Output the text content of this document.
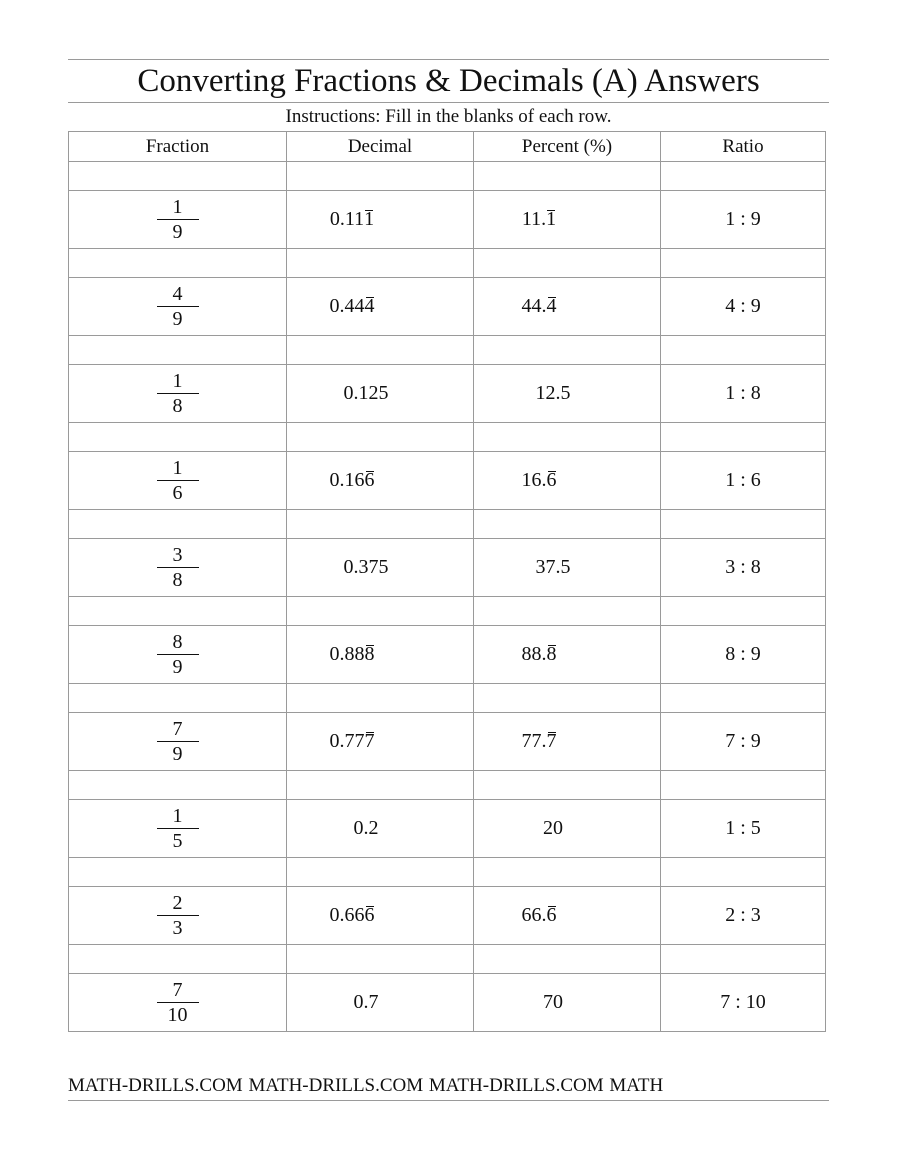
Converting Fractions & Decimals (A) Answers
Instructions: Fill in the blanks of each row.
Fraction	Decimal	Percent (%)	Ratio

$\frac{1}{9}$	0.111	11.1	1 : 9

$\frac{4}{9}$	0.444	44.4	4 : 9

$\frac{1}{8}$	0.125	12.5	1 : 8

$\frac{1}{6}$	0.166	16.6	1 : 6

$\frac{3}{8}$	0.375	37.5	3 : 8

$\frac{8}{9}$	0.888	88.8	8 : 9

$\frac{7}{9}$	0.777	77.7	7 : 9

$\frac{1}{5}$	0.2	20	1 : 5

$\frac{2}{3}$	0.666	66.6	2 : 3

$\frac{7}{10}$	0.7	70	7 : 10
MATH-DRILLS.COM MATH-DRILLS.COM MATH-DRILLS.COM MATH
